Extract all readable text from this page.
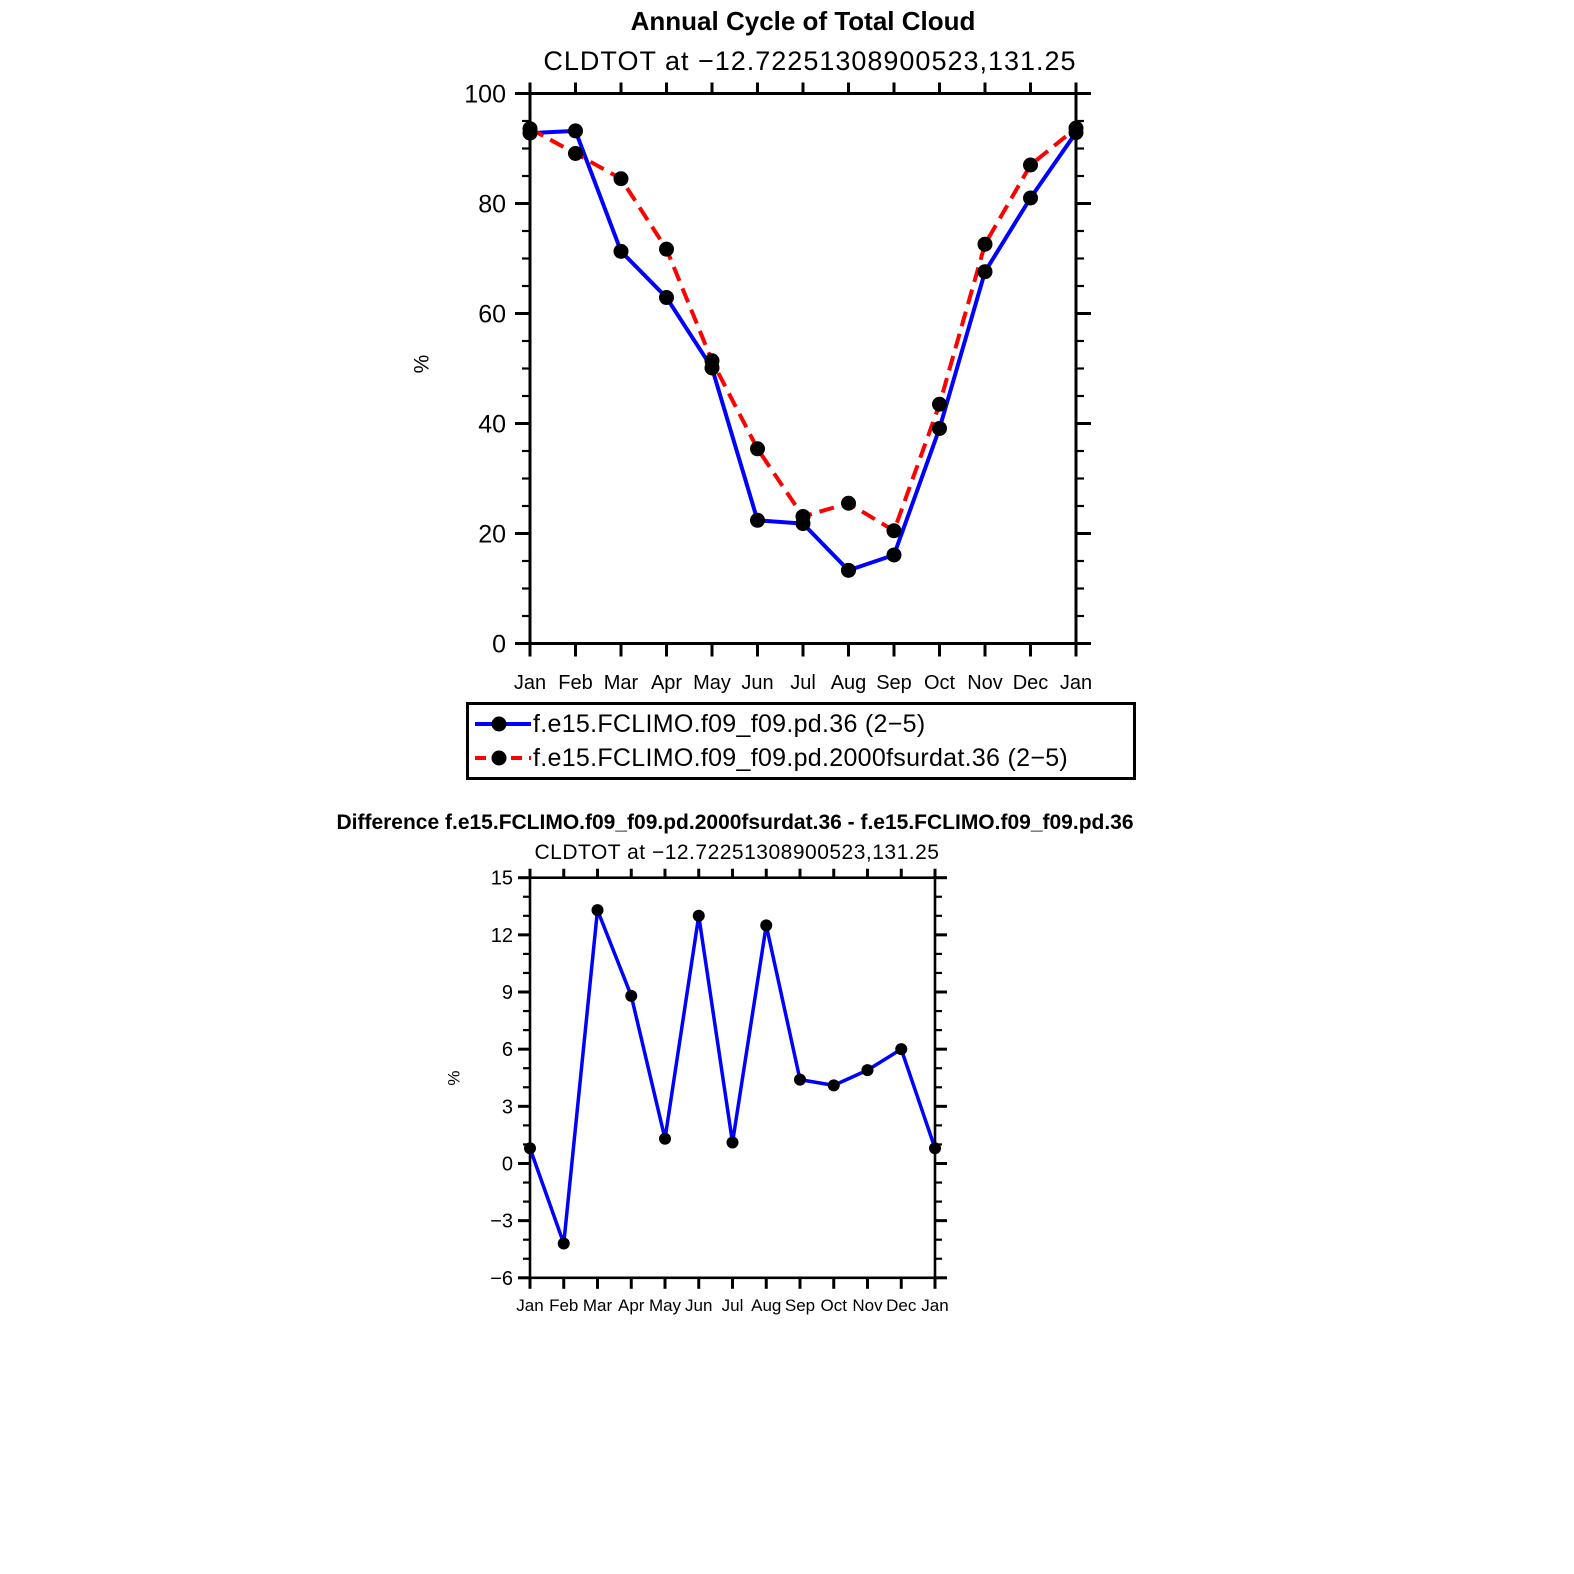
Annual Cycle of Total Cloud
CLDTOT at −12.72251308900523,131.25
%
0
20
40
60
80
100
Jan Feb Mar Apr May Jun Jul Aug Sep Oct Nov Dec Jan
f.e15.FCLIMO.f09_f09.pd.36 (2−5)
f.e15.FCLIMO.f09_f09.pd.2000fsurdat.36 (2−5)
Difference f.e15.FCLIMO.f09_f09.pd.2000fsurdat.36 - f.e15.FCLIMO.f09_f09.pd.36
CLDTOT at −12.72251308900523,131.25
%
−6
−3
0
3
6
9
12
15
Jan Feb Mar Apr May Jun Jul Aug Sep Oct Nov Dec Jan
